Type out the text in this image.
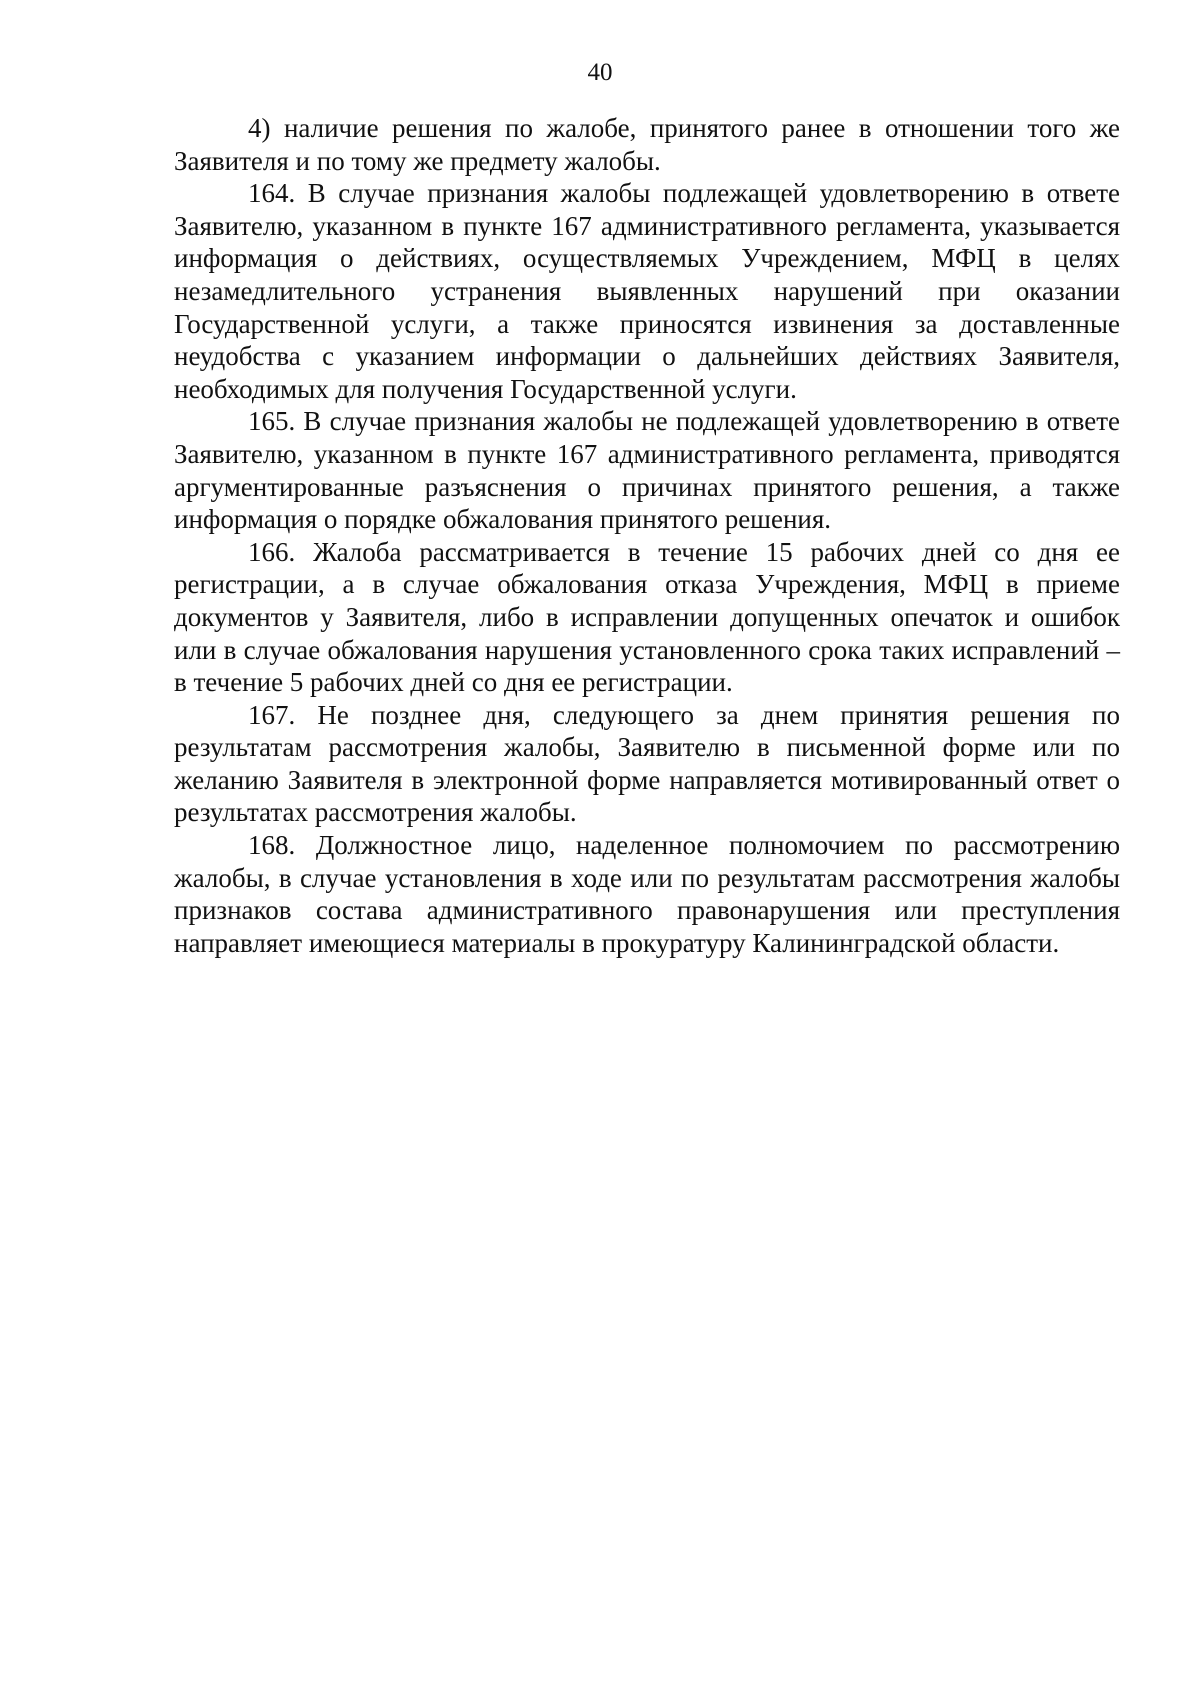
40

4) наличие решения по жалобе, принятого ранее в отношении того же Заявителя и по тому же предмету жалобы.

164. В случае признания жалобы подлежащей удовлетворению в ответе Заявителю, указанном в пункте 167 административного регламента, указывается информация о действиях, осуществляемых Учреждением, МФЦ в целях незамедлительного устранения выявленных нарушений при оказании Государственной услуги, а также приносятся извинения за доставленные неудобства с указанием информации о дальнейших действиях Заявителя, необходимых для получения Государственной услуги.

165. В случае признания жалобы не подлежащей удовлетворению в ответе Заявителю, указанном в пункте 167 административного регламента, приводятся аргументированные разъяснения о причинах принятого решения, а также информация о порядке обжалования принятого решения.

166. Жалоба рассматривается в течение 15 рабочих дней со дня ее регистрации, а в случае обжалования отказа Учреждения, МФЦ в приеме документов у Заявителя, либо в исправлении допущенных опечаток и ошибок или в случае обжалования нарушения установленного срока таких исправлений – в течение 5 рабочих дней со дня ее регистрации.

167. Не позднее дня, следующего за днем принятия решения по результатам рассмотрения жалобы, Заявителю в письменной форме или по желанию Заявителя в электронной форме направляется мотивированный ответ о результатах рассмотрения жалобы.

168. Должностное лицо, наделенное полномочием по рассмотрению жалобы, в случае установления в ходе или по результатам рассмотрения жалобы признаков состава административного правонарушения или преступления направляет имеющиеся материалы в прокуратуру Калининградской области.
